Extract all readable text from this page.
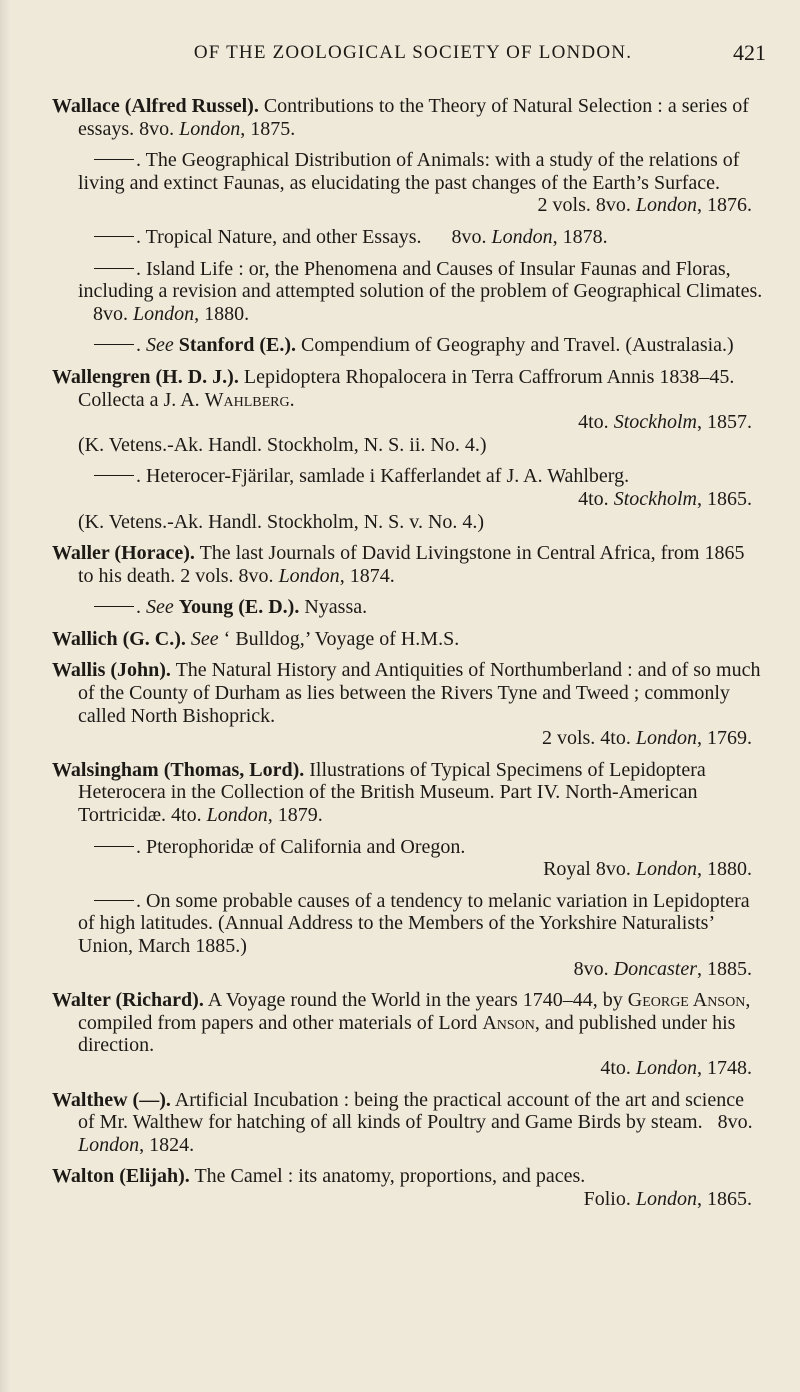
OF THE ZOOLOGICAL SOCIETY OF LONDON.	421

Wallace (Alfred Russel). Contributions to the Theory of Natural Selection : a series of essays. 8vo. London, 1875.

. The Geographical Distribution of Animals: with a study of the relations of living and extinct Faunas, as elucidating the past changes of the Earth’s Surface.
2 vols. 8vo. London, 1876.

. Tropical Nature, and other Essays. 8vo. London, 1878.

. Island Life : or, the Phenomena and Causes of Insular Faunas and Floras, including a revision and attempted solution of the problem of Geographical Climates.    8vo. London, 1880.

. See Stanford (E.). Compendium of Geography and Travel. (Australasia.)

Wallengren (H. D. J.). Lepidoptera Rhopalocera in Terra Caffrorum Annis 1838–45. Collecta a J. A. Wahlberg.
4to. Stockholm, 1857.
(K. Vetens.-Ak. Handl. Stockholm, N. S. ii. No. 4.)

. Heterocer-Fjärilar, samlade i Kafferlandet af J. A. Wahlberg.
4to. Stockholm, 1865.
(K. Vetens.-Ak. Handl. Stockholm, N. S. v. No. 4.)

Waller (Horace). The last Journals of David Livingstone in Central Africa, from 1865 to his death. 2 vols. 8vo. London, 1874.

. See Young (E. D.). Nyassa.

Wallich (G. C.). See ‘ Bulldog,’ Voyage of H.M.S.

Wallis (John). The Natural History and Antiquities of Northumberland : and of so much of the County of Durham as lies between the Rivers Tyne and Tweed ; commonly called North Bishoprick.
2 vols. 4to. London, 1769.

Walsingham (Thomas, Lord). Illustrations of Typical Specimens of Lepidoptera Heterocera in the Collection of the British Museum. Part IV. North-American Tortricidæ. 4to. London, 1879.

. Pterophoridæ of California and Oregon.
Royal 8vo. London, 1880.

. On some probable causes of a tendency to melanic variation in Lepidoptera of high latitudes. (Annual Address to the Members of the Yorkshire Naturalists’ Union, March 1885.)
8vo. Doncaster, 1885.

Walter (Richard). A Voyage round the World in the years 1740–44, by George Anson, compiled from papers and other materials of Lord Anson, and published under his direction.
4to. London, 1748.

Walthew (—). Artificial Incubation : being the practical account of the art and science of Mr. Walthew for hatching of all kinds of Poultry and Game Birds by steam. 8vo. London, 1824.

Walton (Elijah). The Camel : its anatomy, proportions, and paces.
Folio. London, 1865.
